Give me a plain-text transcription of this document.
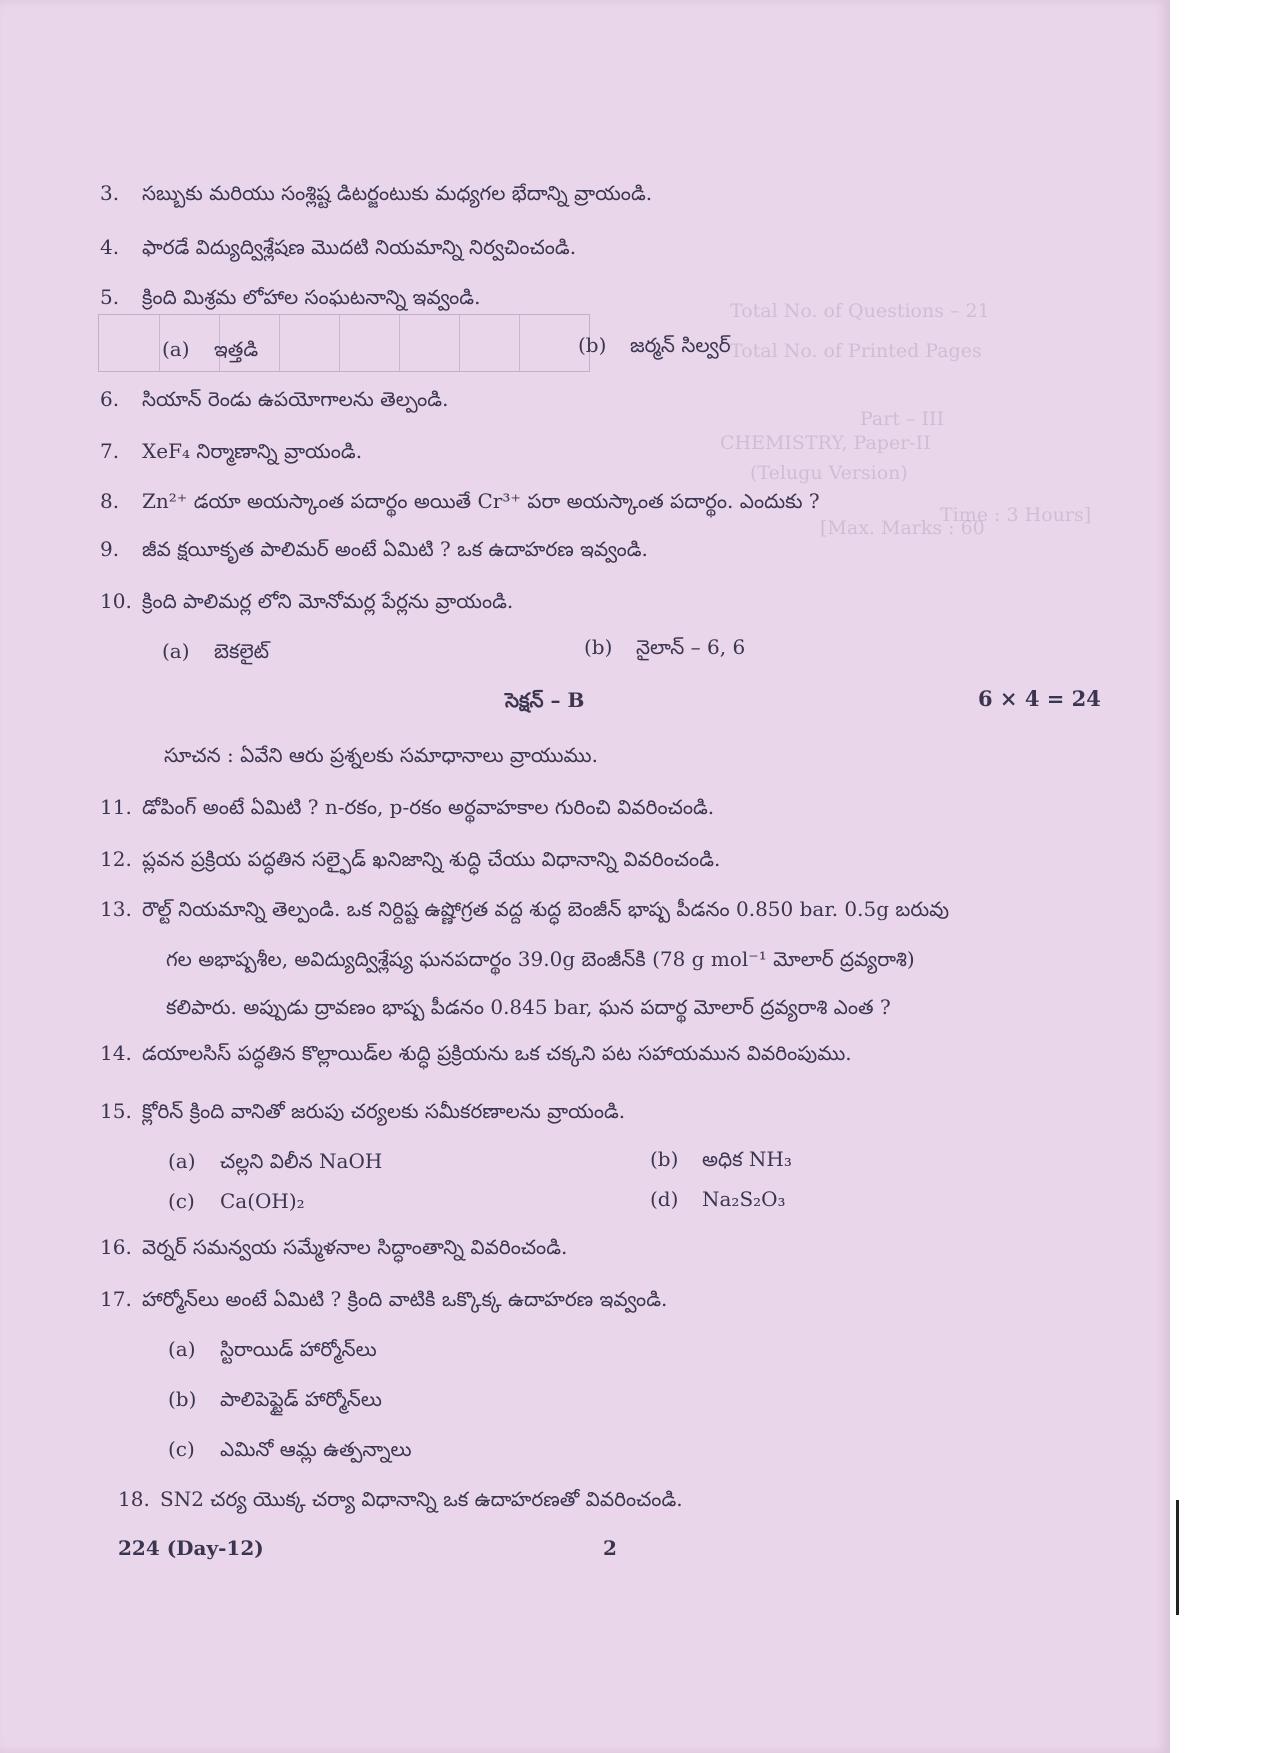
Total No. of Questions – 21
Total No. of Printed Pages
Part – III
CHEMISTRY, Paper-II
(Telugu Version)
Time : 3 Hours]
[Max. Marks : 60
3. సబ్బుకు మరియు సంశ్లిష్ట డిటర్జంటుకు మధ్యగల భేదాన్ని వ్రాయండి.
4. ఫారడే విద్యుద్విశ్లేషణ మొదటి నియమాన్ని నిర్వచించండి.
5. క్రింది మిశ్రమ లోహాల సంఘటనాన్ని ఇవ్వండి.
(a) ఇత్తడి	(b) జర్మన్ సిల్వర్
6. సియాన్ రెండు ఉపయోగాలను తెల్పండి.
7. XeF₄ నిర్మాణాన్ని వ్రాయండి.
8. Zn²⁺ డయా అయస్కాంత పదార్థం అయితే Cr³⁺ పరా అయస్కాంత పదార్థం. ఎందుకు ?
9. జీవ క్షయీకృత పాలిమర్ అంటే ఏమిటి ? ఒక ఉదాహరణ ఇవ్వండి.
10. క్రింది పాలిమర్ల లోని మోనోమర్ల పేర్లను వ్రాయండి.
(a) బెకలైట్	(b) నైలాన్ – 6, 6
సెక్షన్ – B	6 × 4 = 24
సూచన : ఏవేని ఆరు ప్రశ్నలకు సమాధానాలు వ్రాయుము.
11. డోపింగ్ అంటే ఏమిటి ? n-రకం, p-రకం అర్థవాహకాల గురించి వివరించండి.
12. ప్లవన ప్రక్రియ పద్ధతిన సల్ఫైడ్ ఖనిజాన్ని శుద్ధి చేయు విధానాన్ని వివరించండి.
13. రౌల్ట్ నియమాన్ని తెల్పండి. ఒక నిర్దిష్ట ఉష్ణోగ్రత వద్ద శుద్ధ బెంజీన్ భాష్ప పీడనం 0.850 bar. 0.5g బరువు
గల అభాష్పశీల, అవిద్యుద్విశ్లేష్య ఘనపదార్థం 39.0g బెంజీన్‌కి (78 g mol⁻¹ మోలార్ ద్రవ్యరాశి)
కలిపారు. అప్పుడు ద్రావణం భాష్ప పీడనం 0.845 bar, ఘన పదార్థ మోలార్ ద్రవ్యరాశి ఎంత ?
14. డయాలసిస్ పద్ధతిన కొల్లాయిడ్‌ల శుద్ధి ప్రక్రియను ఒక చక్కని పట సహాయమున వివరింపుము.
15. క్లోరిన్ క్రింది వానితో జరుపు చర్యలకు సమీకరణాలను వ్రాయండి.
(a) చల్లని విలీన NaOH	(b) అధిక NH₃
(c) Ca(OH)₂	(d) Na₂S₂O₃
16. వెర్నర్ సమన్వయ సమ్మేళనాల సిద్ధాంతాన్ని వివరించండి.
17. హార్మోన్‌లు అంటే ఏమిటి ? క్రింది వాటికి ఒక్కొక్క ఉదాహరణ ఇవ్వండి.
(a) స్టిరాయిడ్ హార్మోన్‌లు
(b) పాలిపెప్టైడ్ హార్మోన్‌లు
(c) ఎమినో ఆమ్ల ఉత్పన్నాలు
18. SN2 చర్య యొక్క చర్యా విధానాన్ని ఒక ఉదాహరణతో వివరించండి.
224 (Day-12)	2
